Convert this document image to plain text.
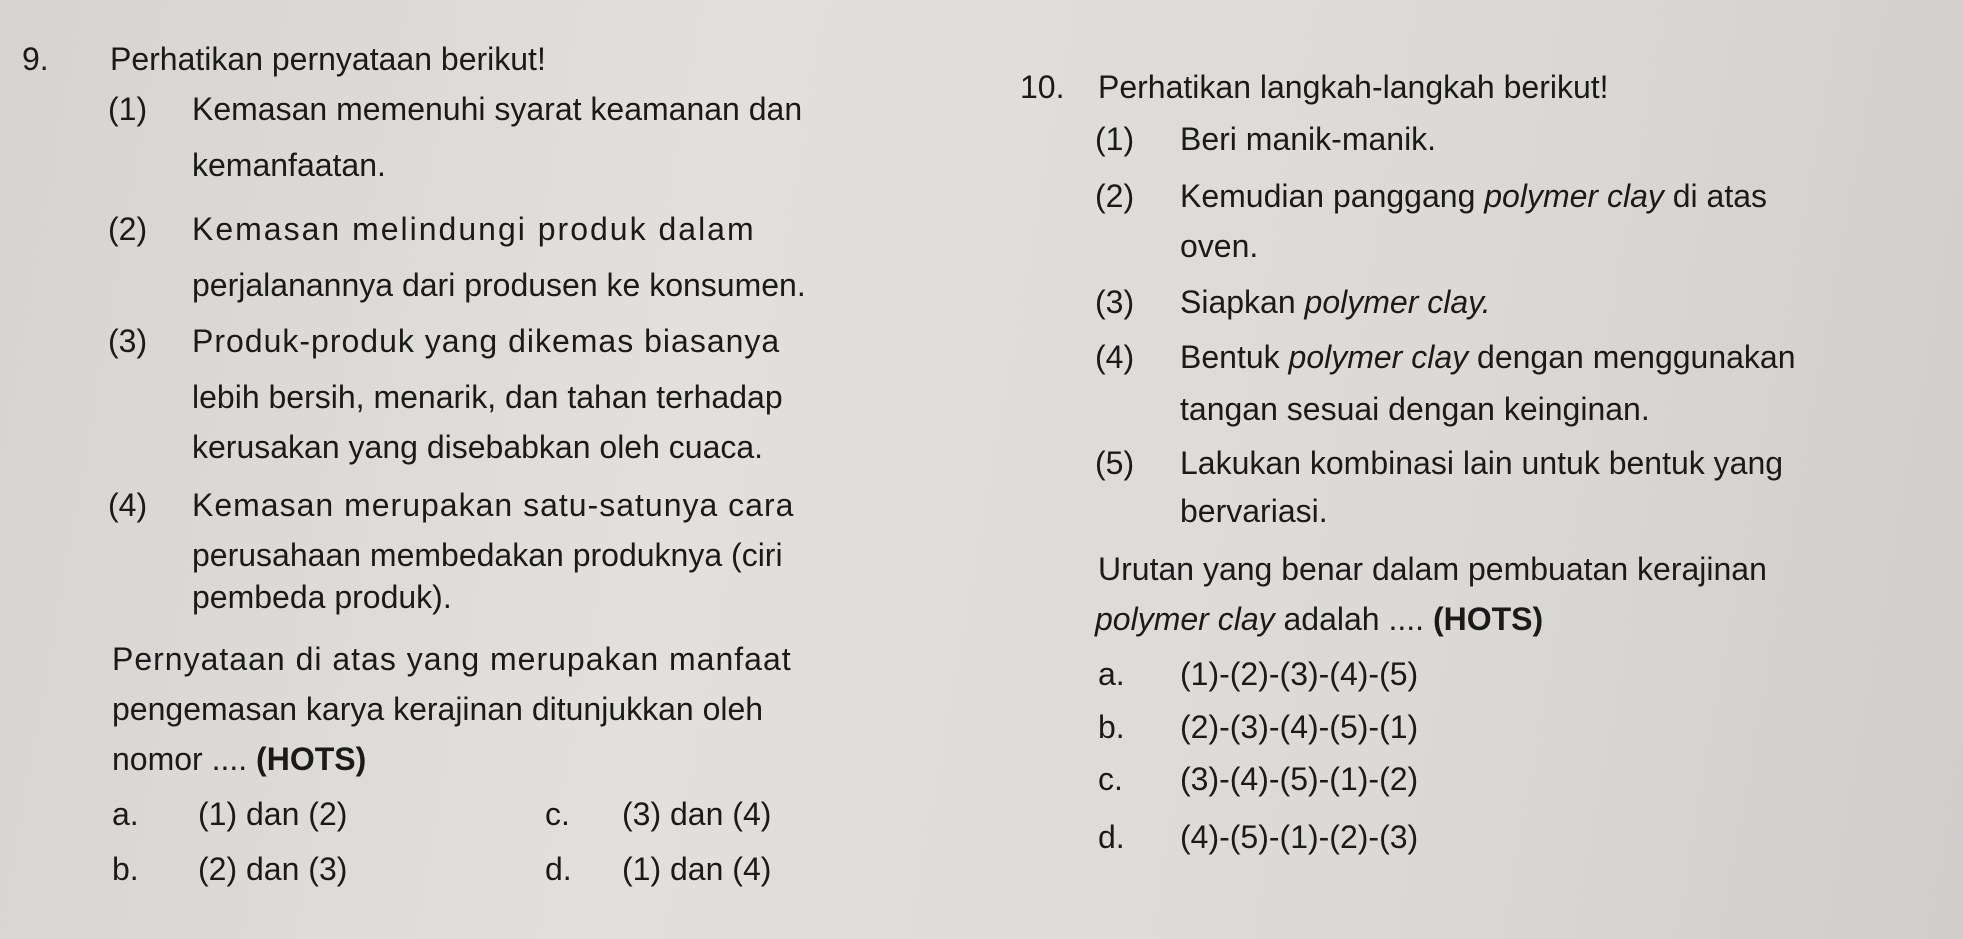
9. Perhatikan pernyataan berikut!
(1) Kemasan memenuhi syarat keamanan dan
kemanfaatan.
(2) Kemasan melindungi produk dalam
perjalanannya dari produsen ke konsumen.
(3) Produk-produk yang dikemas biasanya
lebih bersih, menarik, dan tahan terhadap
kerusakan yang disebabkan oleh cuaca.
(4) Kemasan merupakan satu-satunya cara
perusahaan membedakan produknya (ciri
pembeda produk).
Pernyataan di atas yang merupakan manfaat
pengemasan karya kerajinan ditunjukkan oleh
nomor .... (HOTS)
a. (1) dan (2)	c. (3) dan (4)
b. (2) dan (3)	d. (1) dan (4)
10. Perhatikan langkah-langkah berikut!
(1) Beri manik-manik.
(2) Kemudian panggang polymer clay di atas
oven.
(3) Siapkan polymer clay.
(4) Bentuk polymer clay dengan menggunakan
tangan sesuai dengan keinginan.
(5) Lakukan kombinasi lain untuk bentuk yang
bervariasi.
Urutan yang benar dalam pembuatan kerajinan
polymer clay adalah .... (HOTS)
a. (1)-(2)-(3)-(4)-(5)
b. (2)-(3)-(4)-(5)-(1)
c. (3)-(4)-(5)-(1)-(2)
d. (4)-(5)-(1)-(2)-(3)
